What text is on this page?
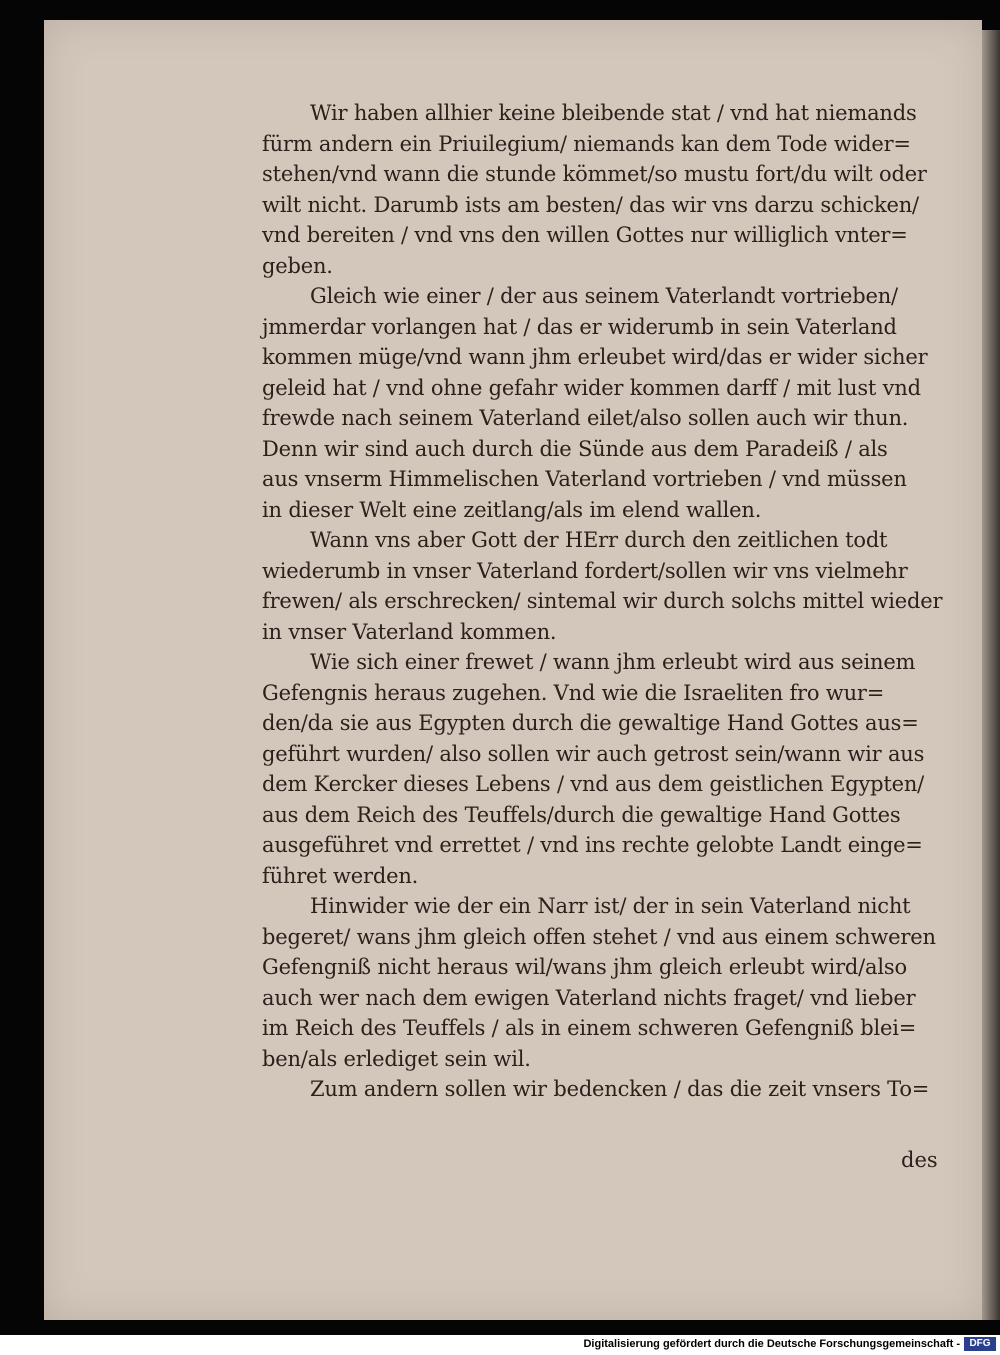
Wir haben allhier keine bleibende stat / vnd hat niemands
fürm andern ein Priuilegium/ niemands kan dem Tode wider=
stehen/vnd wann die stunde kömmet/so mustu fort/du wilt oder
wilt nicht. Darumb ists am besten/ das wir vns darzu schicken/
vnd bereiten / vnd vns den willen Gottes nur williglich vnter=
geben.
Gleich wie einer / der aus seinem Vaterlandt vortrieben/
jmmerdar vorlangen hat / das er widerumb in sein Vaterland
kommen müge/vnd wann jhm erleubet wird/das er wider sicher
geleid hat / vnd ohne gefahr wider kommen darff / mit lust vnd
frewde nach seinem Vaterland eilet/also sollen auch wir thun.
Denn wir sind auch durch die Sünde aus dem Paradeiß / als
aus vnserm Himmelischen Vaterland vortrieben / vnd müssen
in dieser Welt eine zeitlang/als im elend wallen.
Wann vns aber Gott der HErr durch den zeitlichen todt
wiederumb in vnser Vaterland fordert/sollen wir vns vielmehr
frewen/ als erschrecken/ sintemal wir durch solchs mittel wieder
in vnser Vaterland kommen.
Wie sich einer frewet / wann jhm erleubt wird aus seinem
Gefengnis heraus zugehen. Vnd wie die Israeliten fro wur=
den/da sie aus Egypten durch die gewaltige Hand Gottes aus=
geführt wurden/ also sollen wir auch getrost sein/wann wir aus
dem Kercker dieses Lebens / vnd aus dem geistlichen Egypten/
aus dem Reich des Teuffels/durch die gewaltige Hand Gottes
ausgeführet vnd errettet / vnd ins rechte gelobte Landt einge=
führet werden.
Hinwider wie der ein Narr ist/ der in sein Vaterland nicht
begeret/ wans jhm gleich offen stehet / vnd aus einem schweren
Gefengniß nicht heraus wil/wans jhm gleich erleubt wird/also
auch wer nach dem ewigen Vaterland nichts fraget/ vnd lieber
im Reich des Teuffels / als in einem schweren Gefengniß blei=
ben/als erlediget sein wil.
Zum andern sollen wir bedencken / das die zeit vnsers To=
des
Digitalisierung gefördert durch die Deutsche Forschungsgemeinschaft - DFG
